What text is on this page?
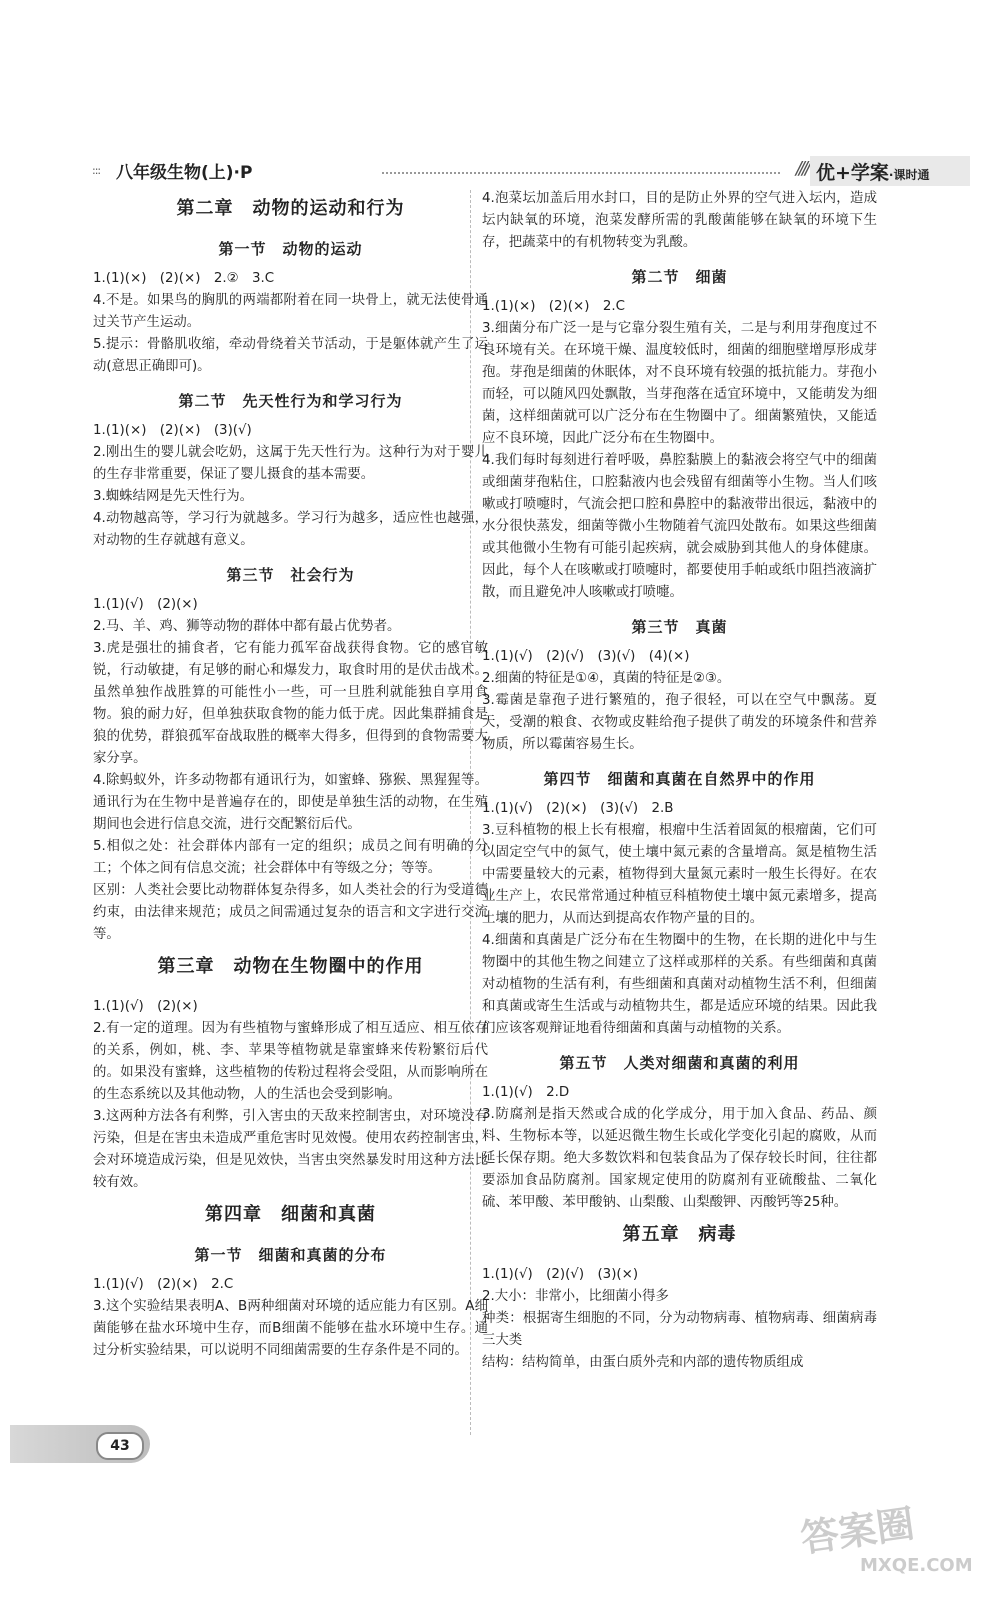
::: 八年级生物(上)·P	//// 优+学案·课时通
第二章　动物的运动和行为
第一节　动物的运动

1.(1)(×)　(2)(×)　2.②　3.C

4.不是。如果鸟的胸肌的两端都附着在同一块骨上，就无法使骨通过关节产生运动。

5.提示：骨骼肌收缩，牵动骨绕着关节活动，于是躯体就产生了运动(意思正确即可)。

第二节　先天性行为和学习行为

1.(1)(×)　(2)(×)　(3)(√)

2.刚出生的婴儿就会吃奶，这属于先天性行为。这种行为对于婴儿的生存非常重要，保证了婴儿摄食的基本需要。

3.蜘蛛结网是先天性行为。

4.动物越高等，学习行为就越多。学习行为越多，适应性也越强，对动物的生存就越有意义。

第三节　社会行为

1.(1)(√)　(2)(×)

2.马、羊、鸡、狮等动物的群体中都有最占优势者。

3.虎是强壮的捕食者，它有能力孤军奋战获得食物。它的感官敏锐，行动敏捷，有足够的耐心和爆发力，取食时用的是伏击战术。虽然单独作战胜算的可能性小一些，可一旦胜利就能独自享用食物。狼的耐力好，但单独获取食物的能力低于虎。因此集群捕食是狼的优势，群狼孤军奋战取胜的概率大得多，但得到的食物需要大家分享。

4.除蚂蚁外，许多动物都有通讯行为，如蜜蜂、猕猴、黑猩猩等。通讯行为在生物中是普遍存在的，即使是单独生活的动物，在生殖期间也会进行信息交流，进行交配繁衍后代。

5.相似之处：社会群体内部有一定的组织；成员之间有明确的分工；个体之间有信息交流；社会群体中有等级之分；等等。

区别：人类社会要比动物群体复杂得多，如人类社会的行为受道德约束，由法律来规范；成员之间需通过复杂的语言和文字进行交流等。

第三章　动物在生物圈中的作用

1.(1)(√)　(2)(×)

2.有一定的道理。因为有些植物与蜜蜂形成了相互适应、相互依存的关系，例如，桃、李、苹果等植物就是靠蜜蜂来传粉繁衍后代的。如果没有蜜蜂，这些植物的传粉过程将会受阻，从而影响所在的生态系统以及其他动物，人的生活也会受到影响。

3.这两种方法各有利弊，引入害虫的天敌来控制害虫，对环境没有污染，但是在害虫未造成严重危害时见效慢。使用农药控制害虫，会对环境造成污染，但是见效快，当害虫突然暴发时用这种方法比较有效。

第四章　细菌和真菌
第一节　细菌和真菌的分布

1.(1)(√)　(2)(×)　2.C

3.这个实验结果表明A、B两种细菌对环境的适应能力有区别。A细菌能够在盐水环境中生存，而B细菌不能够在盐水环境中生存。通过分析实验结果，可以说明不同细菌需要的生存条件是不同的。

4.泡菜坛加盖后用水封口，目的是防止外界的空气进入坛内，造成坛内缺氧的环境，泡菜发酵所需的乳酸菌能够在缺氧的环境下生存，把蔬菜中的有机物转变为乳酸。

第二节　细菌

1.(1)(×)　(2)(×)　2.C

3.细菌分布广泛一是与它靠分裂生殖有关，二是与利用芽孢度过不良环境有关。在环境干燥、温度较低时，细菌的细胞壁增厚形成芽孢。芽孢是细菌的休眠体，对不良环境有较强的抵抗能力。芽孢小而轻，可以随风四处飘散，当芽孢落在适宜环境中，又能萌发为细菌，这样细菌就可以广泛分布在生物圈中了。细菌繁殖快，又能适应不良环境，因此广泛分布在生物圈中。

4.我们每时每刻进行着呼吸，鼻腔黏膜上的黏液会将空气中的细菌或细菌芽孢粘住，口腔黏液内也会残留有细菌等小生物。当人们咳嗽或打喷嚏时，气流会把口腔和鼻腔中的黏液带出很远，黏液中的水分很快蒸发，细菌等微小生物随着气流四处散布。如果这些细菌或其他微小生物有可能引起疾病，就会威胁到其他人的身体健康。因此，每个人在咳嗽或打喷嚏时，都要使用手帕或纸巾阻挡液滴扩散，而且避免冲人咳嗽或打喷嚏。

第三节　真菌

1.(1)(√)　(2)(√)　(3)(√)　(4)(×)

2.细菌的特征是①④，真菌的特征是②③。

3.霉菌是靠孢子进行繁殖的，孢子很轻，可以在空气中飘荡。夏天，受潮的粮食、衣物或皮鞋给孢子提供了萌发的环境条件和营养物质，所以霉菌容易生长。

第四节　细菌和真菌在自然界中的作用

1.(1)(√)　(2)(×)　(3)(√)　2.B

3.豆科植物的根上长有根瘤，根瘤中生活着固氮的根瘤菌，它们可以固定空气中的氮气，使土壤中氮元素的含量增高。氮是植物生活中需要量较大的元素，植物得到大量氮元素时一般生长得好。在农业生产上，农民常常通过种植豆科植物使土壤中氮元素增多，提高土壤的肥力，从而达到提高农作物产量的目的。

4.细菌和真菌是广泛分布在生物圈中的生物，在长期的进化中与生物圈中的其他生物之间建立了这样或那样的关系。有些细菌和真菌对动植物的生活有利，有些细菌和真菌对动植物生活不利，但细菌和真菌或寄生生活或与动植物共生，都是适应环境的结果。因此我们应该客观辩证地看待细菌和真菌与动植物的关系。

第五节　人类对细菌和真菌的利用

1.(1)(√)　2.D

3.防腐剂是指天然或合成的化学成分，用于加入食品、药品、颜料、生物标本等，以延迟微生物生长或化学变化引起的腐败，从而延长保存期。绝大多数饮料和包装食品为了保存较长时间，往往都要添加食品防腐剂。国家规定使用的防腐剂有亚硫酸盐、二氧化硫、苯甲酸、苯甲酸钠、山梨酸、山梨酸钾、丙酸钙等25种。

第五章　病毒

1.(1)(√)　(2)(√)　(3)(×)

2.大小：非常小，比细菌小得多

种类：根据寄生细胞的不同，分为动物病毒、植物病毒、细菌病毒三大类

结构：结构简单，由蛋白质外壳和内部的遗传物质组成

43
答案圈
MXQE.COM
